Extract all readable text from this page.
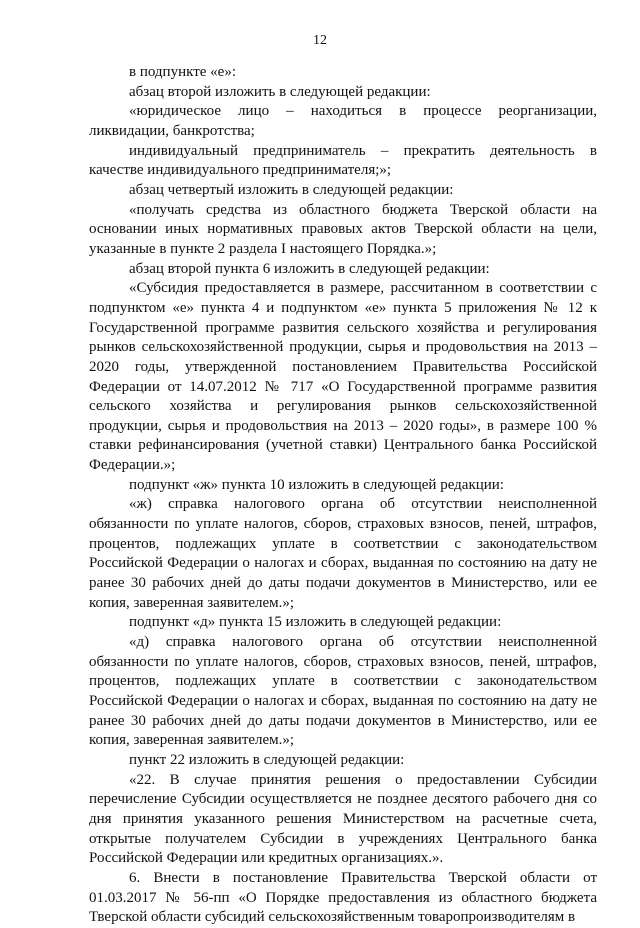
12

в подпункте «е»:

абзац второй изложить в следующей редакции:

«юридическое лицо – находиться в процессе реорганизации, ликвидации, банкротства;

индивидуальный предприниматель – прекратить деятельность в качестве индивидуального предпринимателя;»;

абзац четвертый изложить в следующей редакции:

«получать средства из областного бюджета Тверской области на основании иных нормативных правовых актов Тверской области на цели, указанные в пункте 2 раздела I настоящего Порядка.»;

абзац второй пункта 6 изложить в следующей редакции:

«Субсидия предоставляется в размере, рассчитанном в соответствии с подпунктом «е» пункта 4 и подпунктом «е» пункта 5 приложения № 12 к Государственной программе развития сельского хозяйства и регулирования рынков сельскохозяйственной продукции, сырья и продовольствия на 2013 – 2020 годы, утвержденной постановлением Правительства Российской Федерации от 14.07.2012 № 717 «О Государственной программе развития сельского хозяйства и регулирования рынков сельскохозяйственной продукции, сырья и продовольствия на 2013 – 2020 годы», в размере 100 % ставки рефинансирования (учетной ставки) Центрального банка Российской Федерации.»;

подпункт «ж» пункта 10 изложить в следующей редакции:

«ж) справка налогового органа об отсутствии неисполненной обязанности по уплате налогов, сборов, страховых взносов, пеней, штрафов, процентов, подлежащих уплате в соответствии с законодательством Российской Федерации о налогах и сборах, выданная по состоянию на дату не ранее 30 рабочих дней до даты подачи документов в Министерство, или ее копия, заверенная заявителем.»;

подпункт «д» пункта 15 изложить в следующей редакции:

«д) справка налогового органа об отсутствии неисполненной обязанности по уплате налогов, сборов, страховых взносов, пеней, штрафов, процентов, подлежащих уплате в соответствии с законодательством Российской Федерации о налогах и сборах, выданная по состоянию на дату не ранее 30 рабочих дней до даты подачи документов в Министерство, или ее копия, заверенная заявителем.»;

пункт 22 изложить в следующей редакции:

«22. В случае принятия решения о предоставлении Субсидии перечисление Субсидии осуществляется не позднее десятого рабочего дня со дня принятия указанного решения Министерством на расчетные счета, открытые получателем Субсидии в учреждениях Центрального банка Российской Федерации или кредитных организациях.».

6. Внести в постановление Правительства Тверской области от 01.03.2017 № 56-пп «О Порядке предоставления из областного бюджета Тверской области субсидий сельскохозяйственным товаропроизводителям в
